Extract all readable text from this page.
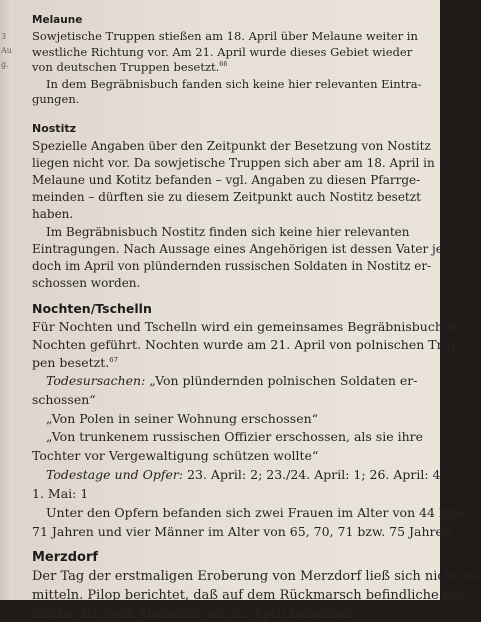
3
Au
g.
Melaune
Sowjetische Truppen stießen am 18. April über Melaune weiter in
westliche Richtung vor. Am 21. April wurde dieses Gebiet wieder
von deutschen Truppen besetzt.$^{66}$
In dem Begräbnisbuch fanden sich keine hier relevanten Eintra-
gungen.
Nostitz
Spezielle Angaben über den Zeitpunkt der Besetzung von Nostitz
liegen nicht vor. Da sowjetische Truppen sich aber am 18. April in
Melaune und Kotitz befanden – vgl. Angaben zu diesen Pfarrge-
meinden – dürften sie zu diesem Zeitpunkt auch Nostitz besetzt
haben.
Im Begräbnisbuch Nostitz finden sich keine hier relevanten
Eintragungen. Nach Aussage eines Angehörigen ist dessen Vater je-
doch im April von plündernden russischen Soldaten in Nostitz er-
schossen worden.
Nochten/Tschelln
Für Nochten und Tschelln wird ein gemeinsames Begräbnisbuch in
Nochten geführt. Nochten wurde am 21. April von polnischen Trup-
pen besetzt.$^{67}$
Todesursachen: „Von plündernden polnischen Soldaten er-
schossen“
„Von Polen in seiner Wohnung erschossen“
„Von trunkenem russischen Offizier erschossen, als sie ihre
Tochter vor Vergewaltigung schützen wollte“
Todestage und Opfer: 23. April: 2; 23./24. April: 1; 26. April: 4;
1. Mai: 1
Unter den Opfern befanden sich zwei Frauen im Alter von 44 bzw.
71 Jahren und vier Männer im Alter von 65, 70, 71 bzw. 75 Jahren.
Merzdorf
Der Tag der erstmaligen Eroberung von Merzdorf ließ sich nicht er-
mitteln. Pilop berichtet, daß auf dem Rückmarsch befindliche pol-
nische Truppen Merzdorf am 26. April besetzten.$^{68}$
